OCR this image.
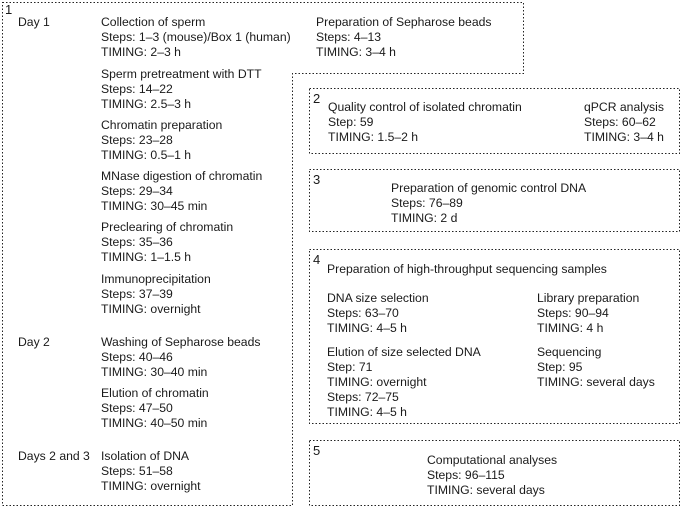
1
Day 1
Day 2
Days 2 and 3
Collection of sperm
Steps: 1–3 (mouse)/Box 1 (human)
TIMING: 2–3 h
Sperm pretreatment with DTT
Steps: 14–22
TIMING: 2.5–3 h
Chromatin preparation
Steps: 23–28
TIMING: 0.5–1 h
MNase digestion of chromatin
Steps: 29–34
TIMING: 30–45 min
Preclearing of chromatin
Steps: 35–36
TIMING: 1–1.5 h
Immunoprecipitation
Steps: 37–39
TIMING: overnight
Washing of Sepharose beads
Steps: 40–46
TIMING: 30–40 min
Elution of chromatin
Steps: 47–50
TIMING: 40–50 min
Isolation of DNA
Steps: 51–58
TIMING: overnight
Preparation of Sepharose beads
Steps: 4–13
TIMING: 3–4 h
2
Quality control of isolated chromatin
Step: 59
TIMING: 1.5–2 h
qPCR analysis
Steps: 60–62
TIMING: 3–4 h
3
Preparation of genomic control DNA
Steps: 76–89
TIMING: 2 d
4
Preparation of high-throughput sequencing samples
DNA size selection
Steps: 63–70
TIMING: 4–5 h
Elution of size selected DNA
Step: 71
TIMING: overnight
Steps: 72–75
TIMING: 4–5 h
Library preparation
Steps: 90–94
TIMING: 4 h
Sequencing
Step: 95
TIMING: several days
5
Computational analyses
Steps: 96–115
TIMING: several days
